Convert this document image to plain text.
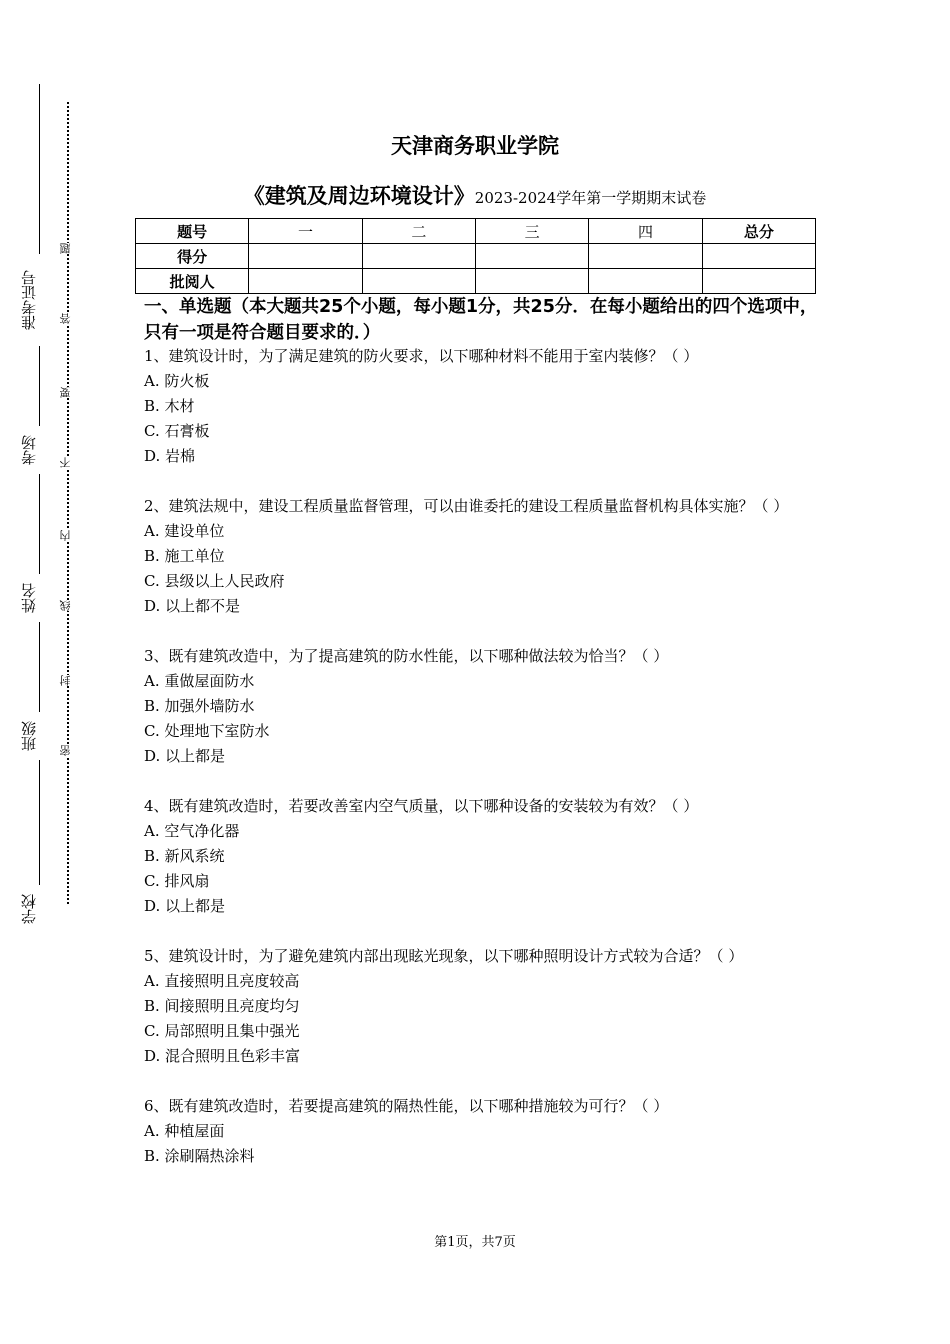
准考证号
考场
姓名
班级
学校
题
答
要
不
内
线
封
密
天津商务职业学院
《建筑及周边环境设计》2023-2024学年第一学期期末试卷
题号	一	二	三	四	总分
得分					
批阅人					
一、单选题（本大题共25个小题，每小题1分，共25分．在每小题给出的四个选项中，只有一项是符合题目要求的．）

1、建筑设计时，为了满足建筑的防火要求，以下哪种材料不能用于室内装修？（ ）

A. 防火板

B. 木材

C. 石膏板

D. 岩棉

2、建筑法规中，建设工程质量监督管理，可以由谁委托的建设工程质量监督机构具体实施？（ ）

A. 建设单位

B. 施工单位

C. 县级以上人民政府

D. 以上都不是

3、既有建筑改造中，为了提高建筑的防水性能，以下哪种做法较为恰当？（ ）

A. 重做屋面防水

B. 加强外墙防水

C. 处理地下室防水

D. 以上都是

4、既有建筑改造时，若要改善室内空气质量，以下哪种设备的安装较为有效？（ ）

A. 空气净化器

B. 新风系统

C. 排风扇

D. 以上都是

5、建筑设计时，为了避免建筑内部出现眩光现象，以下哪种照明设计方式较为合适？（ ）

A. 直接照明且亮度较高

B. 间接照明且亮度均匀

C. 局部照明且集中强光

D. 混合照明且色彩丰富

6、既有建筑改造时，若要提高建筑的隔热性能，以下哪种措施较为可行？（ ）

A. 种植屋面

B. 涂刷隔热涂料

第1页，共7页
